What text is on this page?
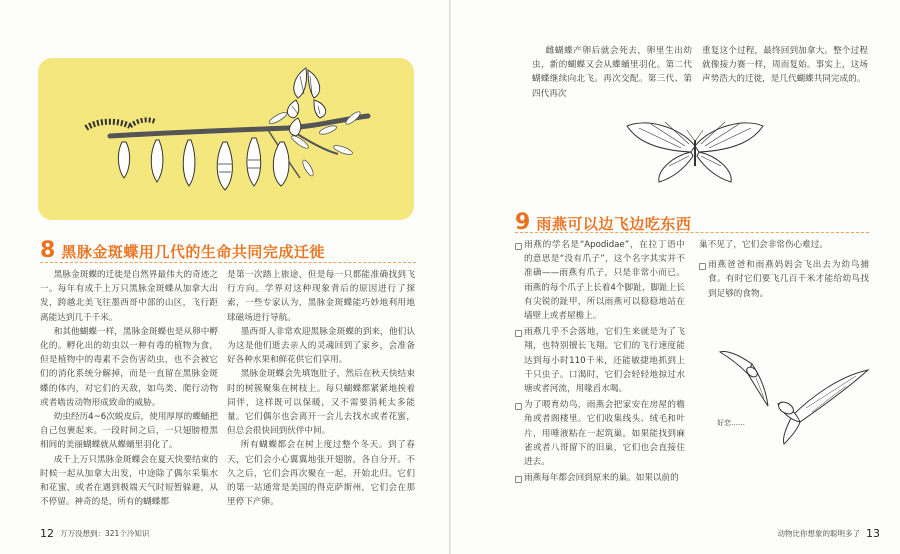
8 黑脉金斑蝶用几代的生命共同完成迁徙

黑脉金斑蝶的迁徙是自然界最伟大的奇迹之一。每年有成千上万只黑脉金斑蝶从加拿大出发，跨越北美飞往墨西哥中部的山区，飞行距离能达到几千千米。

和其他蝴蝶一样，黑脉金斑蝶也是从卵中孵化的。孵化出的幼虫以一种有毒的植物为食，但是植物中的毒素不会伤害幼虫，也不会被它们的消化系统分解掉，而是一直留在黑脉金斑蝶的体内，对它们的天敌，如鸟类、爬行动物或者啮齿动物形成致命的威胁。

幼虫经历4~6次蜕皮后，使用厚厚的蝶蛹把自己包裹起来。一段时间之后，一只翅膀橙黑相间的美丽蝴蝶就从蝶蛹里羽化了。

成千上万只黑脉金斑蝶会在夏天快要结束的时候一起从加拿大出发，中途除了偶尔采集水和花蜜，或者在遇到极端天气时短暂躲避，从不停留。神奇的是，所有的蝴蝶都

是第一次踏上旅途，但是每一只都能准确找到飞行方向。学界对这种现象背后的原因进行了探索，一些专家认为，黑脉金斑蝶能巧妙地利用地球磁场进行导航。

墨西哥人非常欢迎黑脉金斑蝶的到来，他们认为这是他们逝去亲人的灵魂回到了家乡，会准备好各种水果和鲜花供它们享用。

黑脉金斑蝶会先填饱肚子，然后在秋天快结束时的树簇聚集在树枝上。每只蝴蝶都紧紧地挨着同伴，这样既可以保暖，又不需要消耗太多能量。它们偶尔也会离开一会儿去找水或者花蜜，但总会很快回到伙伴中间。

所有蝴蝶都会在树上度过整个冬天。到了春天，它们会小心翼翼地张开翅膀，各自分开。不久之后，它们会再次聚在一起，开始北归。它们的第一站通常是美国的得克萨斯州，它们会在那里停下产卵。

12 万万没想到：321个冷知识

雌蝴蝶产卵后就会死去，卵里生出幼虫，新的蝴蝶又会从蝶蛹里羽化。第二代蝴蝶继续向北飞。再次交配。第三代、第四代再次

重复这个过程，最终回到加拿大。整个过程就像接力赛一样，周而复始。事实上，这场声势浩大的迁徙，是几代蝴蝶共同完成的。

9 雨燕可以边飞边吃东西
雨燕的学名是“Apodidae”，在拉丁语中的意思是“没有爪子”，这个名字其实并不准确——雨燕有爪子，只是非常小而已。雨燕的每个爪子上长着4个脚趾，脚趾上长有尖锐的趾甲，所以雨燕可以稳稳地站在墙壁上或者屋檐上。
雨燕几乎不会落地，它们生来就是为了飞翔，也特别擅长飞翔。它们的飞行速度能达到每小时110千米，还能敏捷地抓到上千只虫子。口渴时，它们会轻轻地掠过水塘或者河流，用喙舀水喝。
为了喂育幼鸟，雨燕会把家安在房屋的檐角或者阁楼里。它们收集线头、绒毛和叶片，用唾液粘在一起筑巢。如果能找到麻雀或者八哥留下的旧巢，它们也会直接住进去。
雨燕每年都会回到原来的巢。如果以前的

巢不见了，它们会非常伤心难过。

雨燕爸爸和雨燕妈妈会飞出去为幼鸟捕食。有时它们要飞几百千米才能给幼鸟找到足够的食物。
好恋……
动物比你想象的聪明多了 13
